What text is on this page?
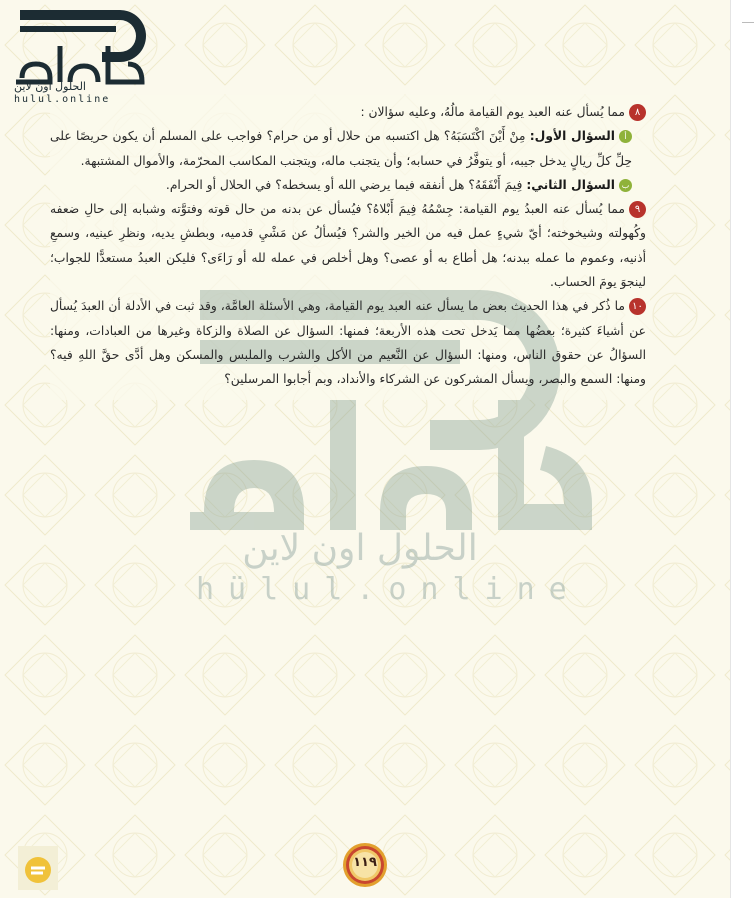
الحلول اون لاين
hulul.online
الحلول اون لاين
hülul.online

٨مما يُسأل عنه العبد يوم القيامة مالُهُ، وعليه سؤالان :

أالسؤال الأول: مِنْ أَيْنَ اكْتَسَبَهُ؟ هل اكتسبه من حلال أو من حرام؟ فواجب على المسلم أن يكون حريصًا على حِلِّ كلِّ ريالٍ يدخل جيبه، أو يتوفَّرُ في حسابه؛ وأن يتجنب ماله، ويتجنب المكاسب المحرّمة، والأموال المشتبهة.

بالسؤال الثاني: فِيمَ أَنْفَقَهُ؟ هل أنفقه فيما يرضي الله أو يسخطه؟ في الحلال أو الحرام.

٩مما يُسأل عنه العبدُ يوم القيامة: جِسْمُهُ فِيمَ أَبْلاهُ؟ فيُسأل عن بدنه من حال قوته وفتوَّته وشبابه إلى حالِ ضعفه وكُهولته وشيخوخته؛ أيّ شيءٍ عمل فيه من الخير والشر؟ فيُسألُ عن مَشْيِ قدميه، وبطشِ يديه، ونظرِ عينيه، وسمعِ أذنيه، وعموم ما عمله ببدنه؛ هل أطاع به أو عصى؟ وهل أخلص في عمله لله أو رَاءَى؟ فليكن العبدُ مستعدًّا للجواب؛ لينجوَ يومَ الحساب.

١٠ما ذُكر في هذا الحديث بعض ما يسأل عنه العبد يوم القيامة، وهي الأسئلة العامَّة، وقد ثبت في الأدلة أن العبدَ يُسأل عن أشياءَ كثيرة؛ بعضُها مما يَدخل تحت هذه الأربعة؛ فمنها: السؤال عن الصلاة والزكاة وغيرها من العبادات، ومنها: السؤالُ عن حقوق الناس، ومنها: السؤال عن النَّعيم من الأكل والشرب والملبس والمسكن وهل أدَّى حقَّ اللهِ فيه؟ ومنها: السمع والبصر، ويسأل المشركون عن الشركاء والأنداد، وبم أجابوا المرسلين؟

١١٩
